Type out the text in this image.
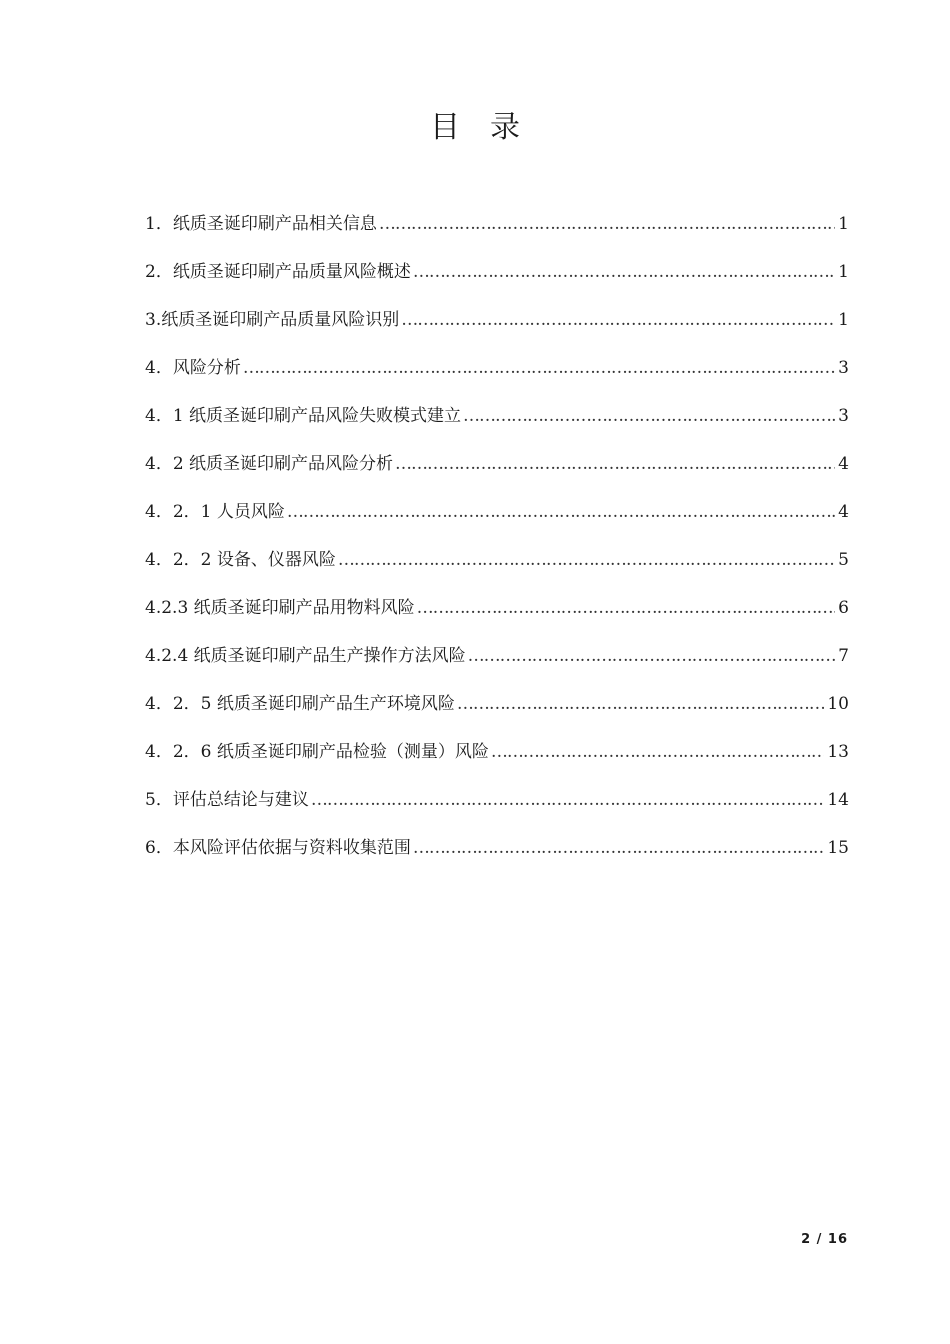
目录
1．纸质圣诞印刷产品相关信息 ……………………………………………………………………………………………………………………………………………………	1
2．纸质圣诞印刷产品质量风险概述 ……………………………………………………………………………………………………………………………………………………	1
3.纸质圣诞印刷产品质量风险识别 ……………………………………………………………………………………………………………………………………………………	1
4．风险分析 ……………………………………………………………………………………………………………………………………………………	3
4．1 纸质圣诞印刷产品风险失败模式建立 ……………………………………………………………………………………………………………………………………………………	3
4．2 纸质圣诞印刷产品风险分析 ……………………………………………………………………………………………………………………………………………………	4
4．2．1 人员风险 ……………………………………………………………………………………………………………………………………………………	4
4．2．2 设备、仪器风险 ……………………………………………………………………………………………………………………………………………………	5
4.2.3 纸质圣诞印刷产品用物料风险 ……………………………………………………………………………………………………………………………………………………	6
4.2.4 纸质圣诞印刷产品生产操作方法风险 ……………………………………………………………………………………………………………………………………………………	7
4．2．5 纸质圣诞印刷产品生产环境风险 ……………………………………………………………………………………………………………………………………………………	10
4．2．6 纸质圣诞印刷产品检验（测量）风险 ……………………………………………………………………………………………………………………………………………………	13
5．评估总结论与建议 ……………………………………………………………………………………………………………………………………………………	14
6．本风险评估依据与资料收集范围 ……………………………………………………………………………………………………………………………………………………	15
2 / 16
